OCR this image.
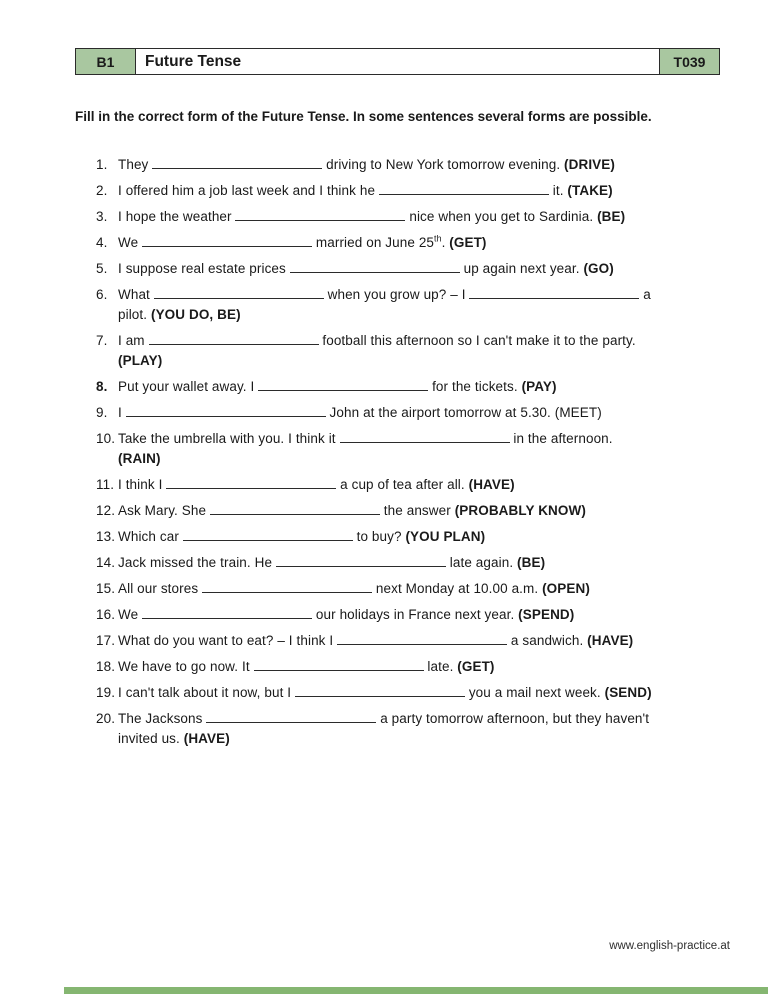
B1	Future Tense	T039

Fill in the correct form of the Future Tense. In some sentences several forms are possible.

1. They	driving to New York tomorrow evening. (DRIVE)
2. I offered him a job last week and I think he	it. (TAKE)
3. I hope the weather	nice when you get to Sardinia. (BE)
4. We	married on June 25th. (GET)
5. I suppose real estate prices	up again next year. (GO)
6. What	when you grow up? – I	a
pilot. (YOU DO, BE)
7. I am	football this afternoon so I can't make it to the party.
(PLAY)
8. Put your wallet away. I	for the tickets. (PAY)
9. I	John at the airport tomorrow at 5.30. (MEET)
10. Take the umbrella with you. I think it	in the afternoon.
(RAIN)
11. I think I	a cup of tea after all. (HAVE)
12. Ask Mary. She	the answer (PROBABLY KNOW)
13. Which car	to buy? (YOU PLAN)
14. Jack missed the train. He	late again. (BE)
15. All our stores	next Monday at 10.00 a.m. (OPEN)
16. We	our holidays in France next year. (SPEND)
17. What do you want to eat? – I think I	a sandwich. (HAVE)
18. We have to go now. It	late. (GET)
19. I can't talk about it now, but I	you a mail next week. (SEND)
20. The Jacksons	a party tomorrow afternoon, but they haven't
invited us. (HAVE)
www.english-practice.at
